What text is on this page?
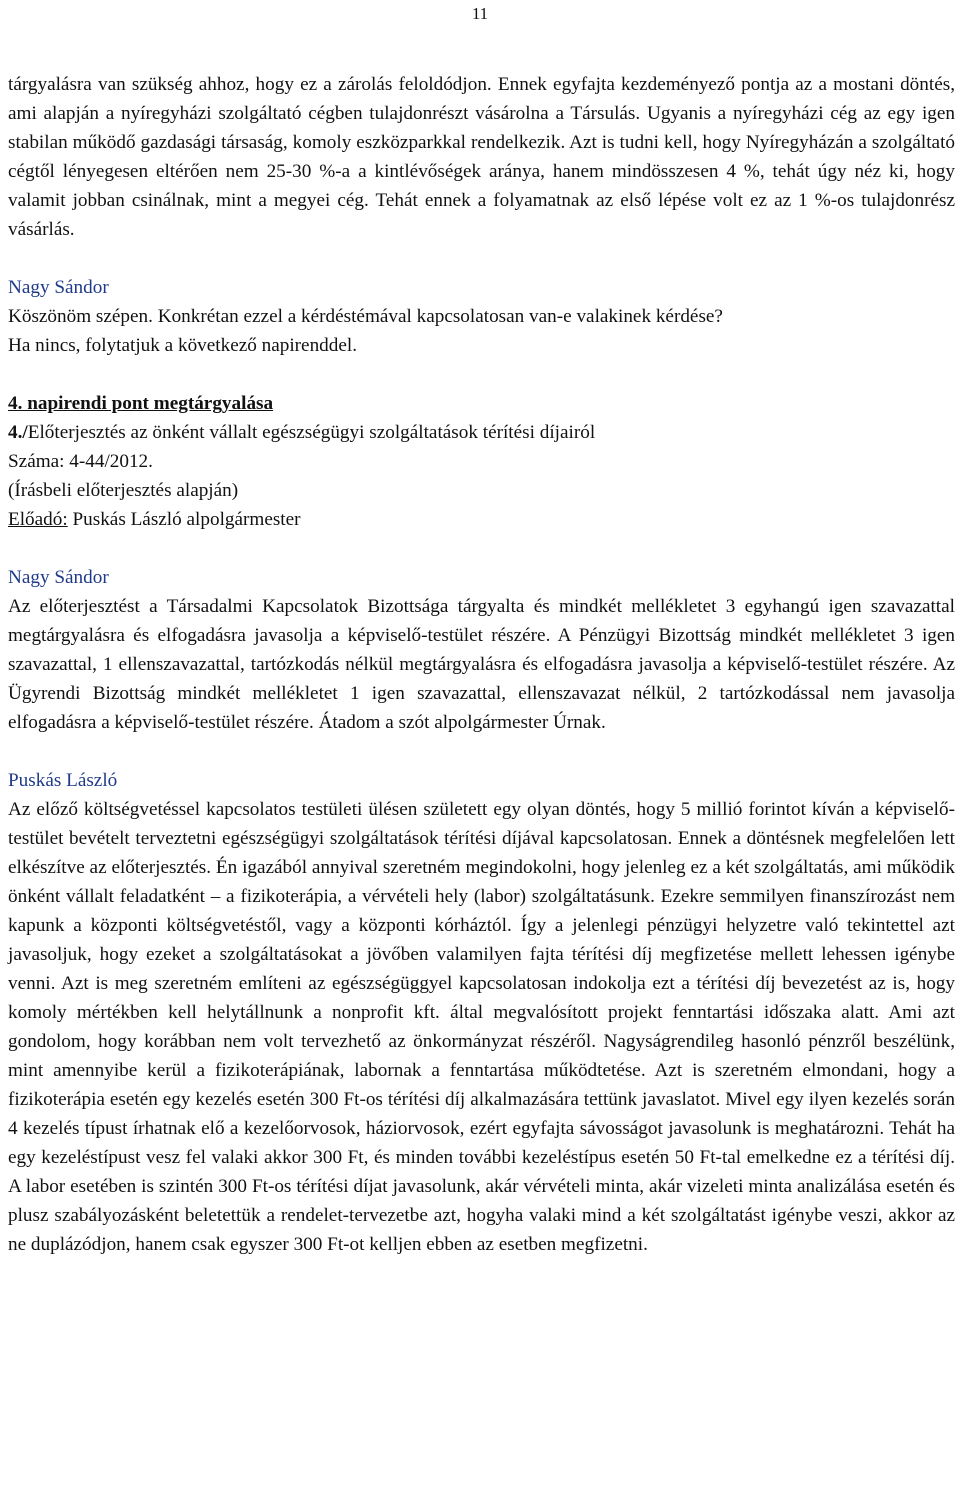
11

tárgyalásra van szükség ahhoz, hogy ez a zárolás feloldódjon. Ennek egyfajta kezdeményező pontja az a mostani döntés, ami alapján a nyíregyházi szolgáltató cégben tulajdonrészt vásárolna a Társulás. Ugyanis a nyíregyházi cég az egy igen stabilan működő gazdasági társaság, komoly eszközparkkal rendelkezik. Azt is tudni kell, hogy Nyíregyházán a szolgáltató cégtől lényegesen eltérően nem 25-30 %-a a kintlévőségek aránya, hanem mindösszesen 4 %, tehát úgy néz ki, hogy valamit jobban csinálnak, mint a megyei cég. Tehát ennek a folyamatnak az első lépése volt ez az 1 %-os tulajdonrész vásárlás.

Nagy Sándor

Köszönöm szépen. Konkrétan ezzel a kérdéstémával kapcsolatosan van-e valakinek kérdése?

Ha nincs, folytatjuk a következő napirenddel.

4. napirendi pont megtárgyalása

4./Előterjesztés az önként vállalt egészségügyi szolgáltatások térítési díjairól

Száma: 4-44/2012.

(Írásbeli előterjesztés alapján)

Előadó: Puskás László alpolgármester

Nagy Sándor

Az előterjesztést a Társadalmi Kapcsolatok Bizottsága tárgyalta és mindkét mellékletet 3 egyhangú igen szavazattal megtárgyalásra és elfogadásra javasolja a képviselő-testület részére. A Pénzügyi Bizottság mindkét mellékletet 3 igen szavazattal, 1 ellenszavazattal, tartózkodás nélkül megtárgyalásra és elfogadásra javasolja a képviselő-testület részére. Az Ügyrendi Bizottság mindkét mellékletet 1 igen szavazattal, ellenszavazat nélkül, 2 tartózkodással nem javasolja elfogadásra a képviselő-testület részére. Átadom a szót alpolgármester Úrnak.

Puskás László

Az előző költségvetéssel kapcsolatos testületi ülésen született egy olyan döntés, hogy 5 millió forintot kíván a képviselő-testület bevételt terveztetni egészségügyi szolgáltatások térítési díjával kapcsolatosan. Ennek a döntésnek megfelelően lett elkészítve az előterjesztés. Én igazából annyival szeretném megindokolni, hogy jelenleg ez a két szolgáltatás, ami működik önként vállalt feladatként – a fizikoterápia, a vérvételi hely (labor) szolgáltatásunk. Ezekre semmilyen finanszírozást nem kapunk a központi költségvetéstől, vagy a központi kórháztól. Így a jelenlegi pénzügyi helyzetre való tekintettel azt javasoljuk, hogy ezeket a szolgáltatásokat a jövőben valamilyen fajta térítési díj megfizetése mellett lehessen igénybe venni. Azt is meg szeretném említeni az egészségüggyel kapcsolatosan indokolja ezt a térítési díj bevezetést az is, hogy komoly mértékben kell helytállnunk a nonprofit kft. által megvalósított projekt fenntartási időszaka alatt. Ami azt gondolom, hogy korábban nem volt tervezhető az önkormányzat részéről. Nagyságrendileg hasonló pénzről beszélünk, mint amennyibe kerül a fizikoterápiának, labornak a fenntartása működtetése. Azt is szeretném elmondani, hogy a fizikoterápia esetén egy kezelés esetén 300 Ft-os térítési díj alkalmazására tettünk javaslatot. Mivel egy ilyen kezelés során 4 kezelés típust írhatnak elő a kezelőorvosok, háziorvosok, ezért egyfajta sávosságot javasolunk is meghatározni. Tehát ha egy kezeléstípust vesz fel valaki akkor 300 Ft, és minden további kezeléstípus esetén 50 Ft-tal emelkedne ez a térítési díj. A labor esetében is szintén 300 Ft-os térítési díjat javasolunk, akár vérvételi minta, akár vizeleti minta analizálása esetén és plusz szabályozásként beletettük a rendelet-tervezetbe azt, hogyha valaki mind a két szolgáltatást igénybe veszi, akkor az ne duplázódjon, hanem csak egyszer 300 Ft-ot kelljen ebben az esetben megfizetni.
